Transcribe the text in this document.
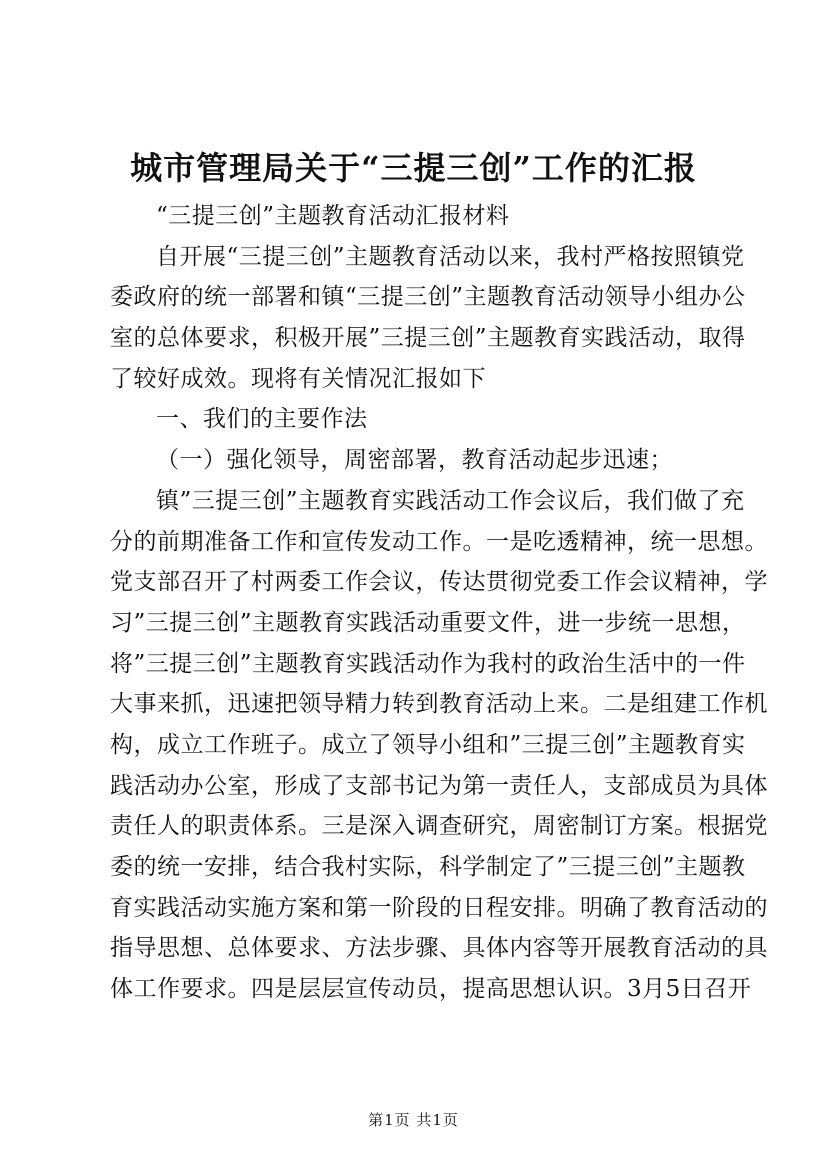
城市管理局关于“三提三创”工作的汇报
“三提三创”主题教育活动汇报材料
自开展“三提三创”主题教育活动以来，我村严格按照镇党
委政府的统一部署和镇“三提三创”主题教育活动领导小组办公
室的总体要求，积极开展”三提三创”主题教育实践活动，取得
了较好成效。现将有关情况汇报如下
一、我们的主要作法
（一）强化领导，周密部署，教育活动起步迅速；
镇”三提三创”主题教育实践活动工作会议后，我们做了充
分的前期准备工作和宣传发动工作。一是吃透精神，统一思想。
党支部召开了村两委工作会议，传达贯彻党委工作会议精神，学
习”三提三创”主题教育实践活动重要文件，进一步统一思想，
将”三提三创”主题教育实践活动作为我村的政治生活中的一件
大事来抓，迅速把领导精力转到教育活动上来。二是组建工作机
构，成立工作班子。成立了领导小组和”三提三创”主题教育实
践活动办公室，形成了支部书记为第一责任人，支部成员为具体
责任人的职责体系。三是深入调查研究，周密制订方案。根据党
委的统一安排，结合我村实际，科学制定了”三提三创”主题教
育实践活动实施方案和第一阶段的日程安排。明确了教育活动的
指导思想、总体要求、方法步骤、具体内容等开展教育活动的具
体工作要求。四是层层宣传动员，提高思想认识。3月5日召开
第1页 共1页
